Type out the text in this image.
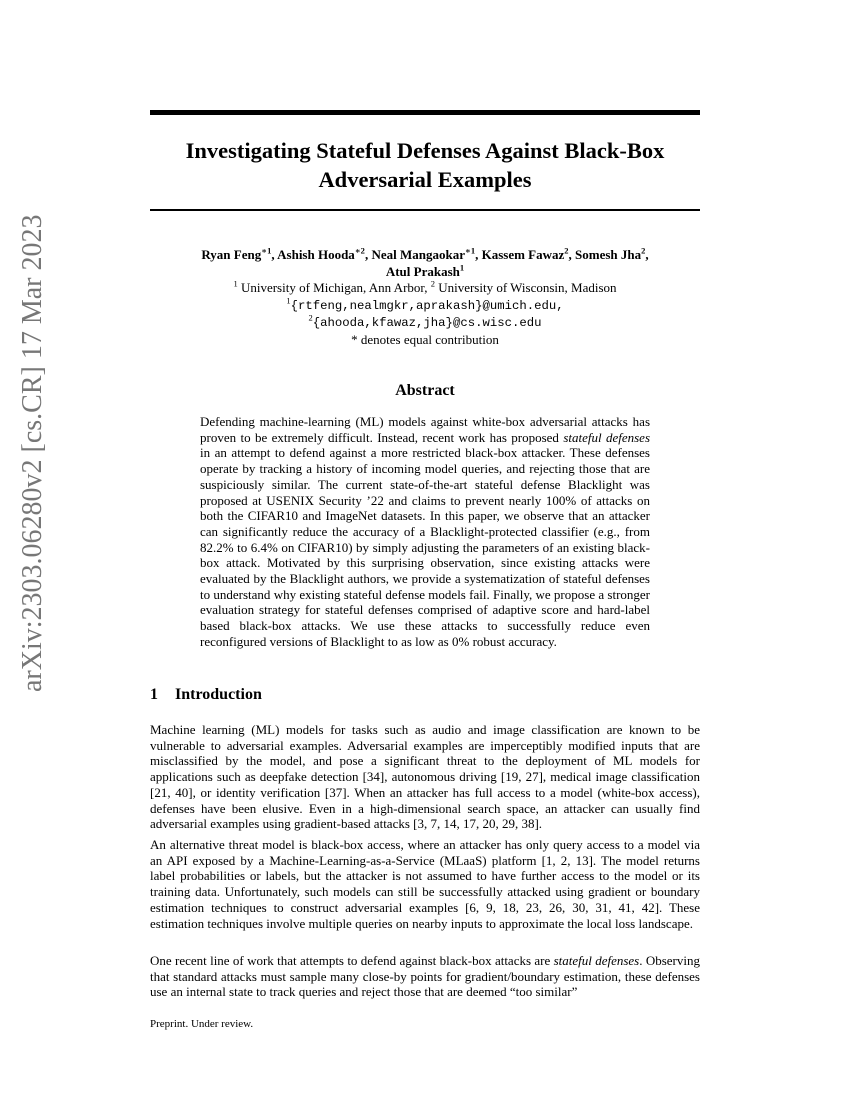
arXiv:2303.06280v2 [cs.CR] 17 Mar 2023
Investigating Stateful Defenses Against Black-Box
Adversarial Examples
Ryan Feng$^{∗1}$, Ashish Hooda$^{∗2}$, Neal Mangaokar$^{∗1}$, Kassem Fawaz$^2$, Somesh Jha$^2$,
Atul Prakash$^1$
$^1$ University of Michigan, Ann Arbor, $^2$ University of Wisconsin, Madison
$^1${rtfeng,nealmgkr,aprakash}@umich.edu,
$^2${ahooda,kfawaz,jha}@cs.wisc.edu
* denotes equal contribution
Abstract
Defending machine-learning (ML) models against white-box adversarial attacks has proven to be extremely difficult. Instead, recent work has proposed stateful defenses in an attempt to defend against a more restricted black-box attacker. These defenses operate by tracking a history of incoming model queries, and rejecting those that are suspiciously similar. The current state-of-the-art stateful defense Blacklight was proposed at USENIX Security ’22 and claims to prevent nearly 100% of attacks on both the CIFAR10 and ImageNet datasets. In this paper, we observe that an attacker can significantly reduce the accuracy of a Blacklight-protected classifier (e.g., from 82.2% to 6.4% on CIFAR10) by simply adjusting the parameters of an existing black-box attack. Motivated by this surprising observation, since existing attacks were evaluated by the Blacklight authors, we provide a systematization of stateful defenses to understand why existing stateful defense models fail. Finally, we propose a stronger evaluation strategy for stateful defenses comprised of adaptive score and hard-label based black-box attacks. We use these attacks to successfully reduce even reconfigured versions of Blacklight to as low as 0% robust accuracy.
1 Introduction
Machine learning (ML) models for tasks such as audio and image classification are known to be vulnerable to adversarial examples. Adversarial examples are imperceptibly modified inputs that are misclassified by the model, and pose a significant threat to the deployment of ML models for applications such as deepfake detection [34], autonomous driving [19, 27], medical image classification [21, 40], or identity verification [37]. When an attacker has full access to a model (white-box access), defenses have been elusive. Even in a high-dimensional search space, an attacker can usually find adversarial examples using gradient-based attacks [3, 7, 14, 17, 20, 29, 38].
An alternative threat model is black-box access, where an attacker has only query access to a model via an API exposed by a Machine-Learning-as-a-Service (MLaaS) platform [1, 2, 13]. The model returns label probabilities or labels, but the attacker is not assumed to have further access to the model or its training data. Unfortunately, such models can still be successfully attacked using gradient or boundary estimation techniques to construct adversarial examples [6, 9, 18, 23, 26, 30, 31, 41, 42]. These estimation techniques involve multiple queries on nearby inputs to approximate the local loss landscape.
One recent line of work that attempts to defend against black-box attacks are stateful defenses. Observing that standard attacks must sample many close-by points for gradient/boundary estimation, these defenses use an internal state to track queries and reject those that are deemed “too similar”
Preprint. Under review.
